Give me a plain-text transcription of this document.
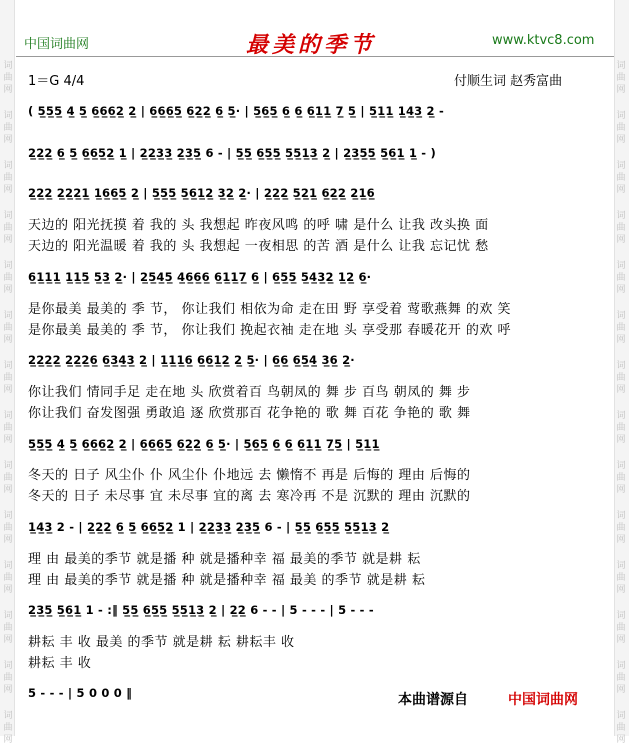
词	词
曲	曲
网	网
词	词
曲	曲
网	网
词	词
曲	曲
网	网
词	词
曲	曲
网	网
词	词
曲	曲
网	网
词	词
曲	曲
网	网
词	词
曲	曲
网	网
词	词
曲	曲
网	网
词	词
曲	曲
网	网
词	词
曲	曲
网	网
词	词
曲	曲
网	网
词	词
曲	曲
网	网
词	词
曲	曲
网	网
词	词
曲	曲
网	网
中国词曲网	最美的季节	www.ktvc8.com
1＝G 4/4	付顺生词 赵秀富曲
( 5̲5̲5̲ 4̲ 5̲ 6̲6̲6̲2̲ 2̲ | 6̲6̲6̲5̲ 6̲2̲2̲ 6̲ 5̲· | 5̲6̲5̲ 6̲ 6̲ 6̲1̲1̲ 7̲ 5̲ | 5̲1̲1̲ 1̲4̲3̲ 2̲ -
2̲2̲2̲ 6̲ 5̲ 6̲6̲5̲2̲ 1̲ | 2̲2̲3̲3̲ 2̲3̲5̲ 6 - | 5̲5̲ 6̲5̲5̲ 5̲5̲1̲3̲ 2̲ | 2̲3̲5̲5̲ 5̲6̲1̲ 1̲ - )
2̲2̲2̲ 2̲2̲2̲1̲ 1̲6̲6̲5̲ 2̲ | 5̲5̲5̲ 5̲6̲1̲2̲ 3̲2̲ 2̲· | 2̲2̲2̲ 5̲2̲1̲ 6̲2̲2̲ 2̲1̲6̲
天边的 阳光抚摸 着 我的 头 我想起 昨夜风鸣 的呼 啸 是什么 让我 改头换 面
天边的 阳光温暖 着 我的 头 我想起 一夜相思 的苦 酒 是什么 让我 忘记忧 愁
6̲1̲1̲1̲ 1̲1̲5̲ 5̲3̲ 2̲· | 2̲5̲4̲5̲ 4̲6̲6̲6̲ 6̲1̲1̲7̲ 6̲ | 6̲5̲5̲ 5̲4̲3̲2̲ 1̲2̲ 6̲·
是你最美 最美的 季 节， 你让我们 相依为命 走在田 野 享受着 莺歌燕舞 的欢 笑
是你最美 最美的 季 节， 你让我们 挽起衣袖 走在地 头 享受那 春暖花开 的欢 呼
2̲2̲2̲2̲ 2̲2̲2̲6̲ 6̲3̲4̲3̲ 2̲ | 1̲1̲1̲6̲ 6̲6̲1̲2̲ 2̲ 5̲· | 6̲6̲ 6̲5̲4̲ 3̲6̲ 2̲·
你让我们 情同手足 走在地 头 欣赏着百 鸟朝凤的 舞 步 百鸟 朝凤的 舞 步
你让我们 奋发图强 勇敢追 逐 欣赏那百 花争艳的 歌 舞 百花 争艳的 歌 舞
5̲5̲5̲ 4̲ 5̲ 6̲6̲6̲2̲ 2̲ | 6̲6̲6̲5̲ 6̲2̲2̲ 6̲ 5̲· | 5̲6̲5̲ 6̲ 6̲ 6̲1̲1̲ 7̲5̲ | 5̲1̲1̲
冬天的 日子 风尘仆 仆 风尘仆 仆地远 去 懒惰不 再是 后悔的 理由 后悔的
冬天的 日子 未尽事 宜 未尽事 宜的离 去 寒冷再 不是 沉默的 理由 沉默的
1̲4̲3̲ 2 - | 2̲2̲2̲ 6̲ 5̲ 6̲6̲5̲2̲ 1 | 2̲2̲3̲3̲ 2̲3̲5̲ 6 - | 5̲5̲ 6̲5̲5̲ 5̲5̲1̲3̲ 2̲
理 由 最美的季节 就是播 种 就是播种幸 福 最美的季节 就是耕 耘
理 由 最美的季节 就是播 种 就是播种幸 福 最美 的季节 就是耕 耘
2̲3̲5̲ 5̲6̲1̲ 1 - :‖ 5̲5̲ 6̲5̲5̲ 5̲5̲1̲3̲ 2̲ | 2̲2̲ 6 - - | 5 - - - | 5 - - -
耕耘 丰 收 最美 的季节 就是耕 耘 耕耘丰 收
耕耘 丰 收
5 - - - | 5 0 0 0 ‖	本曲谱源自	中国词曲网
